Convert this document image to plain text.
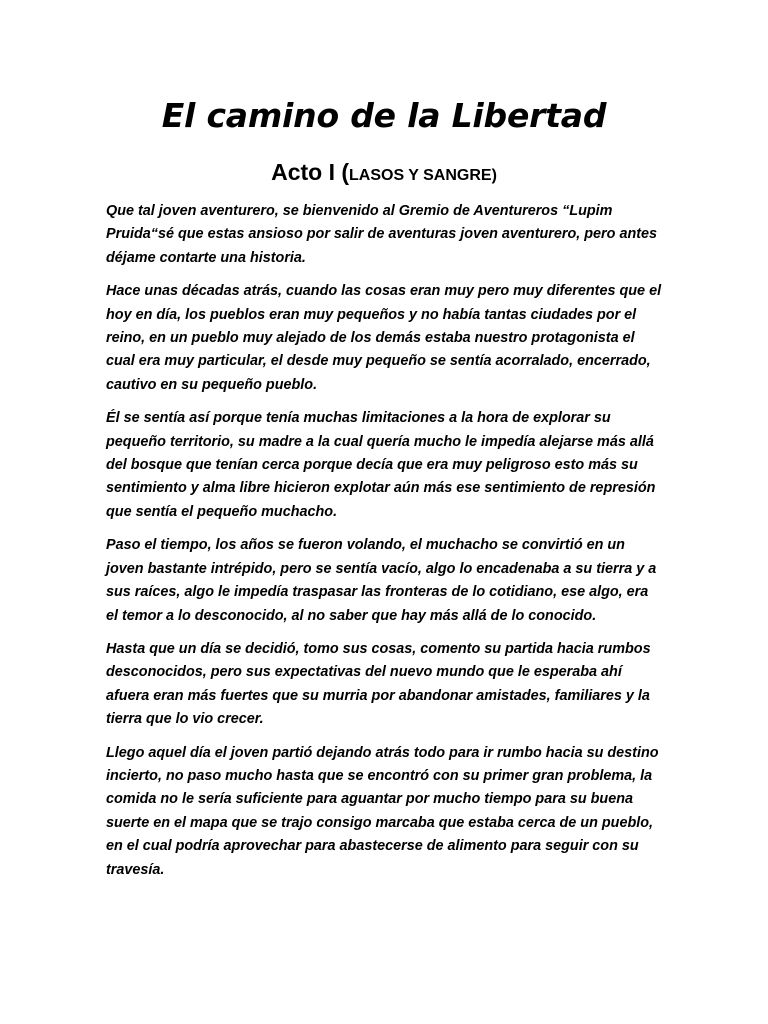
El camino de la Libertad
Acto I (LASOS Y SANGRE)

Que tal joven aventurero, se bienvenido al Gremio de Aventureros “Lupim Pruida“sé que estas ansioso por salir de aventuras joven aventurero, pero antes déjame contarte una historia.

Hace unas décadas atrás, cuando las cosas eran muy pero muy diferentes que el hoy en día, los pueblos eran muy pequeños y no había tantas ciudades por el reino, en un pueblo muy alejado de los demás estaba nuestro protagonista el cual era muy particular, el desde muy pequeño se sentía acorralado, encerrado, cautivo en su pequeño pueblo.

Él se sentía así porque tenía muchas limitaciones a la hora de explorar su pequeño territorio, su madre a la cual quería mucho le impedía alejarse más allá del bosque que tenían cerca porque decía que era muy peligroso esto más su sentimiento y alma libre hicieron explotar aún más ese sentimiento de represión que sentía el pequeño muchacho.

Paso el tiempo, los años se fueron volando, el muchacho se convirtió en un joven bastante intrépido, pero se sentía vacío, algo lo encadenaba a su tierra y a sus raíces, algo le impedía traspasar las fronteras de lo cotidiano, ese algo, era el temor a lo desconocido, al no saber que hay más allá de lo conocido.

Hasta que un día se decidió, tomo sus cosas, comento su partida hacia rumbos desconocidos, pero sus expectativas del nuevo mundo que le esperaba ahí afuera eran más fuertes que su murria por abandonar amistades, familiares y la tierra que lo vio crecer.

Llego aquel día el joven partió dejando atrás todo para ir rumbo hacia su destino incierto, no paso mucho hasta que se encontró con su primer gran problema, la comida no le sería suficiente para aguantar por mucho tiempo para su buena suerte en el mapa que se trajo consigo marcaba que estaba cerca de un pueblo, en el cual podría aprovechar para abastecerse de alimento para seguir con su travesía.
